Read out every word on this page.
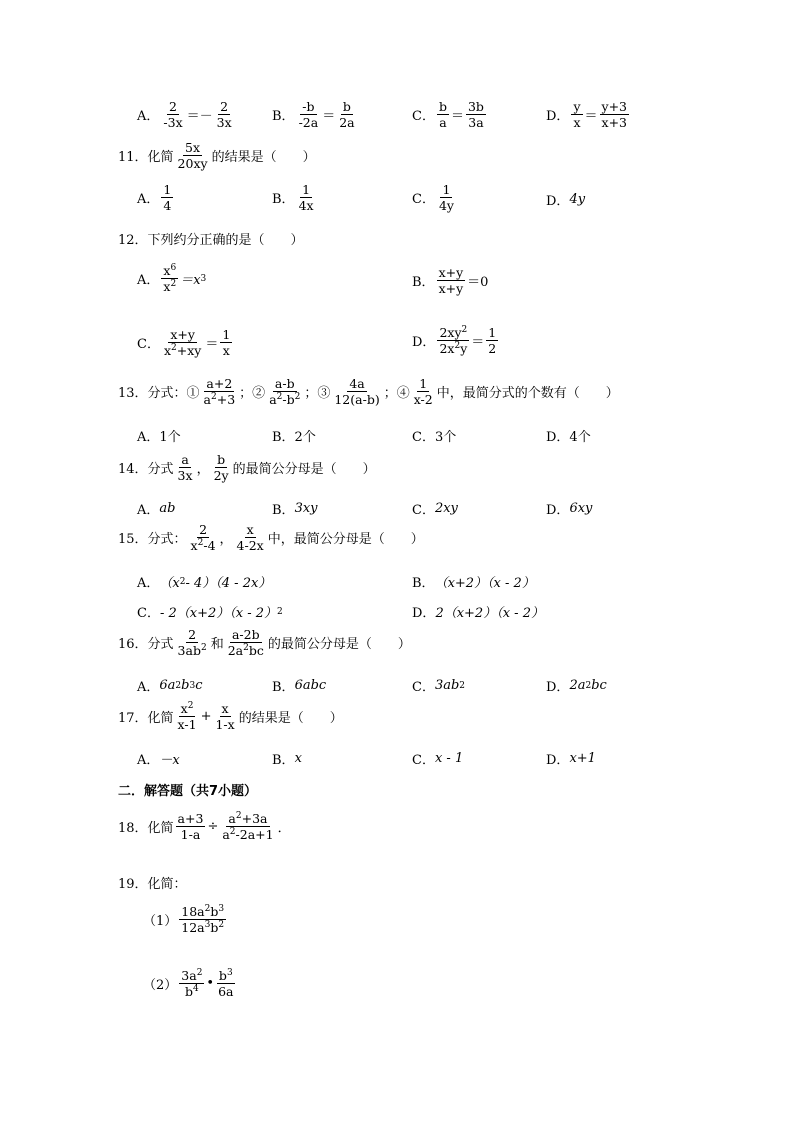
A． $\frac{2}{-3x} =- \frac{2}{3x}$	B． $\frac{-b}{-2a} = \frac{b}{2a}$	C． $\frac{b}{a} = \frac{3b}{3a}$	D． $\frac{y}{x} = \frac{y+3}{x+3}$
11．化简 $\frac{5x}{20xy}$ 的结果是（　　）
A． $\frac{1}{4}$	B． $\frac{1}{4x}$	C． $\frac{1}{4y}$	D． 4y
12．下列约分正确的是（　　）
A． $\frac{x^6}{x^2} =x$ 3	B． $\frac{x+y}{x+y} =0$
C． $\frac{x+y}{x^2+xy} = \frac{1}{x}$	D． $\frac{2xy^2}{2x^2y} = \frac{1}{2}$
13．分式：① $\frac{a+2}{a^2+3}$ ；② $\frac{a-b}{a^2-b^2}$ ；③ $\frac{4a}{12(a-b)}$ ；④ $\frac{1}{x-2}$ 中，最简分式的个数有（　　）
A．1个	B．2个	C．3个	D．4个
14．分式 $\frac{a}{3x}$ ， $\frac{b}{2y}$ 的最简公分母是（　　）
A． ab	B． 3xy	C． 2xy	D． 6xy
15．分式： $\frac{2}{x^2-4}$ ， $\frac{x}{4-2x}$ 中，最简公分母是（　　）
A． （x 2 - 4）（4 - 2x）	B． （x+2）（x - 2）
C． - 2（x+2）（x - 2） 2	D． 2（x+2）（x - 2）
16．分式 $\frac{2}{3ab^2}$ 和 $\frac{a-2b}{2a^2bc}$ 的最简公分母是（　　）
A． 6a 2 b 3 c	B． 6abc	C． 3ab 2	D． 2a 2 bc
17．化简 $\frac{x^2}{x-1} + \frac{x}{1-x}$ 的结果是（　　）
A． －x	B． x	C． x - 1	D． x+1
二．解答题（共7小题）
18．化简 $\frac{a+3}{1-a} \div \frac{a^2+3a}{a^2-2a+1}$ ．
19．化简：
$(1) \frac{18a^2b^3}{12a^3b^2}$
$(2) \frac{3a^2}{b^4}$ • $\frac{b^3}{6a}$
